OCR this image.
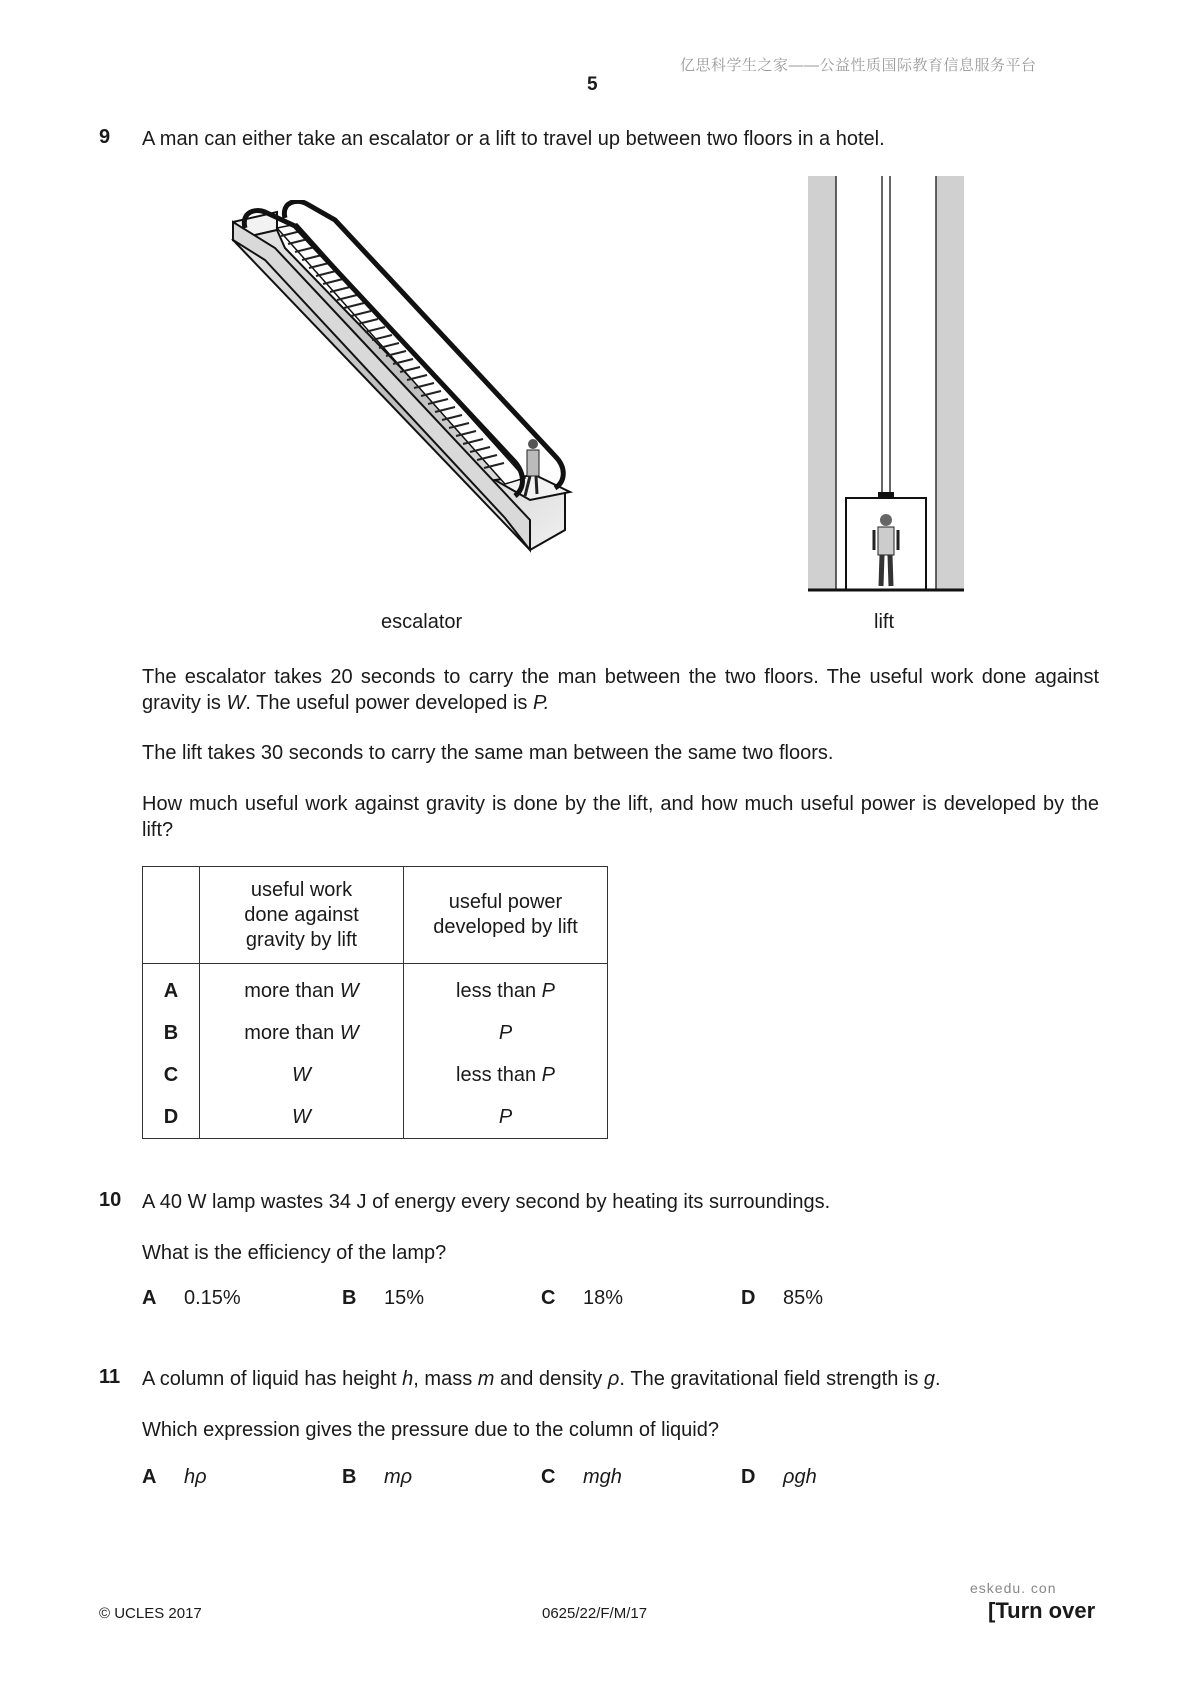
亿思科学生之家——公益性质国际教育信息服务平台
5
9 A man can either take an escalator or a lift to travel up between two floors in a hotel.
escalator	lift
The escalator takes 20 seconds to carry the man between the two floors. The useful work done against gravity is W. The useful power developed is P.
The lift takes 30 seconds to carry the same man between the same two floors.
How much useful work against gravity is done by the lift, and how much useful power is developed by the lift?

	useful work done against gravity by lift	useful power developed by lift

A	more than W	less than P
B	more than W	P
C	W	less than P
D	W	P
10 A 40 W lamp wastes 34 J of energy every second by heating its surroundings.
What is the efficiency of the lamp?
A 0.15%	B 15%	C 18%	D 85%
11 A column of liquid has height h, mass m and density ρ. The gravitational field strength is g.
Which expression gives the pressure due to the column of liquid?
A hρ	B mρ	C mgh	D ρgh
eskedu. con
© UCLES 2017	0625/22/F/M/17	[Turn over
